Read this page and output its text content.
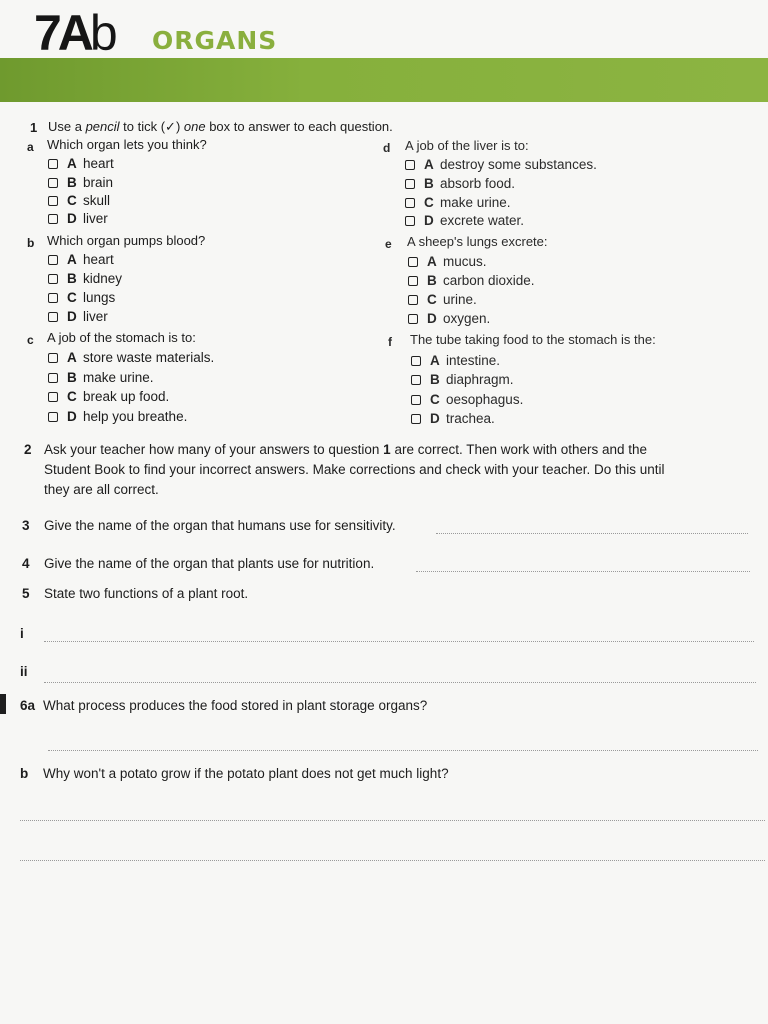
7Ab ORGANS
1 Use a pencil to tick (✓) one box to answer to each question.
a Which organ lets you think?
A heart
B brain
C skull
D liver
b Which organ pumps blood?
A heart
B kidney
C lungs
D liver
c A job of the stomach is to:
A store waste materials.
B make urine.
C break up food.
D help you breathe.
d A job of the liver is to:
A destroy some substances.
B absorb food.
C make urine.
D excrete water.
e A sheep's lungs excrete:
A mucus.
B carbon dioxide.
C urine.
D oxygen.
f The tube taking food to the stomach is the:
A intestine.
B diaphragm.
C oesophagus.
D trachea.
2 Ask your teacher how many of your answers to question 1 are correct. Then work with others and the
Student Book to find your incorrect answers. Make corrections and check with your teacher. Do this until
they are all correct.
3 Give the name of the organ that humans use for sensitivity.
4 Give the name of the organ that plants use for nutrition.
5 State two functions of a plant root.
i
ii
6a What process produces the food stored in plant storage organs?
b Why won't a potato grow if the potato plant does not get much light?
